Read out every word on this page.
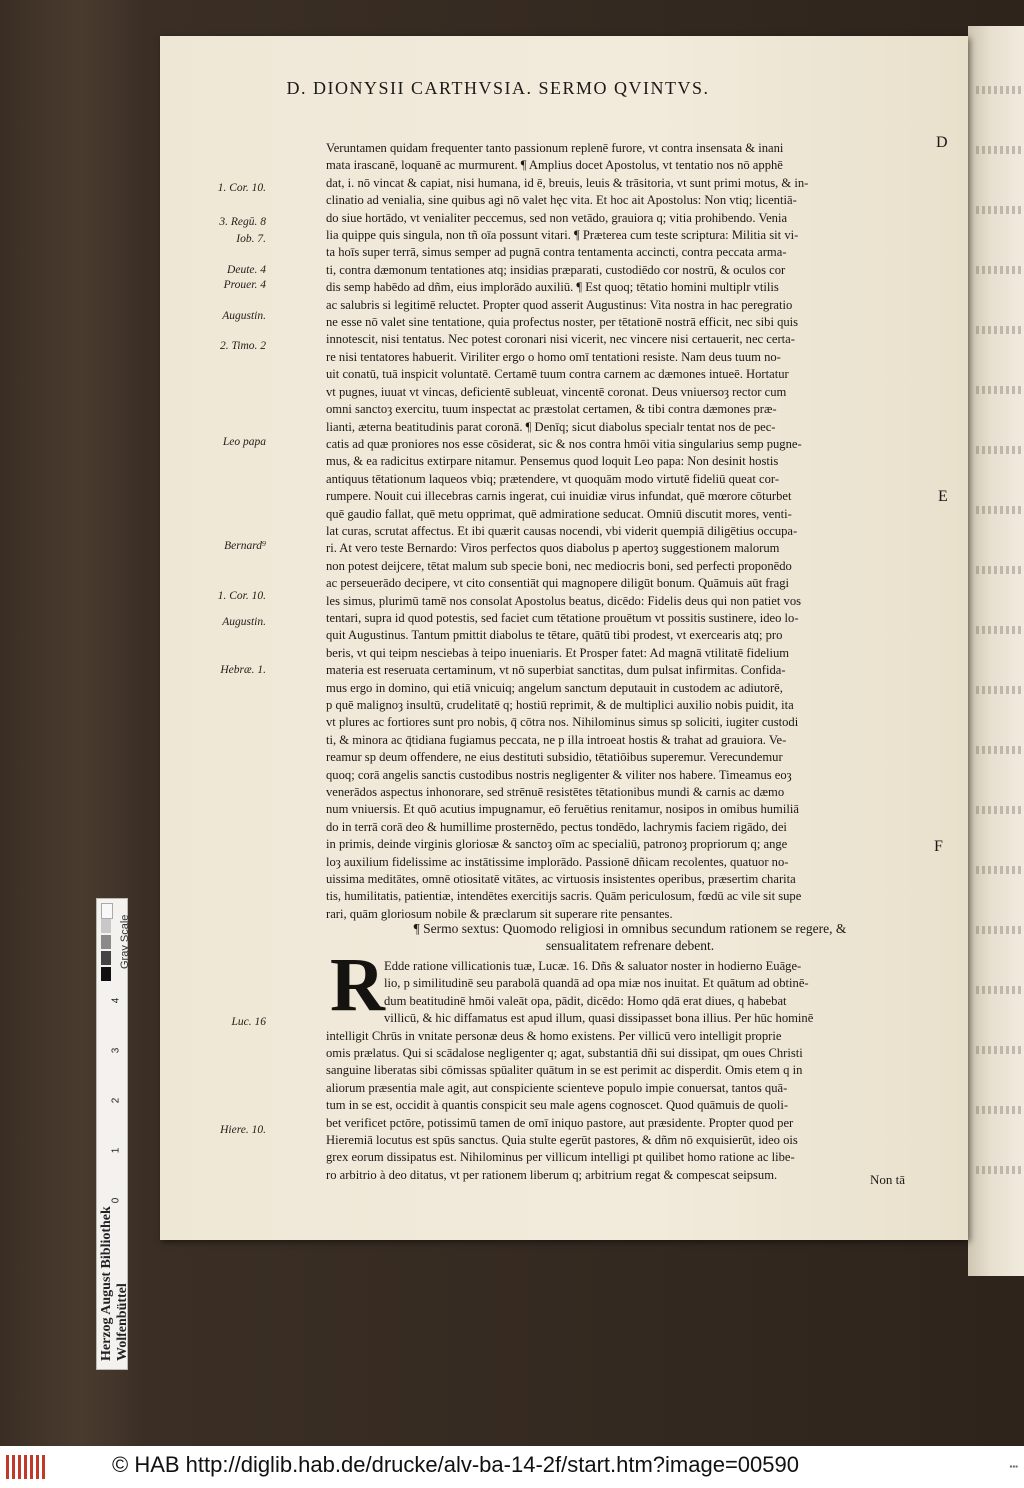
D. DIONYSII CARTHVSIA. SERMO QVINTVS.
D
E
F
1. Cor. 10.
3. Regū. 8
Iob. 7.
Deute. 4
Prouer. 4
Augustin.
2. Timo. 2
Leo papa
Bernard⁹
1. Cor. 10.
Augustin.
Hebræ. 1.
Luc. 16
Hiere. 10.
Veruntamen quidam frequenter tanto passionum replenē furore, vt contra insensata & inani
mata irascanē, loquanē ac murmurent. ¶ Amplius docet Apostolus, vt tentatio nos nō apphē
dat, i. nō vincat & capiat, nisi humana, id ē, breuis, leuis & trāsitoria, vt sunt primi motus, & in-
clinatio ad venialia, sine quibus agi nō valet hęc vita. Et hoc ait Apostolus: Non vtiq; licentiā-
do siue hortādo, vt venialiter peccemus, sed non vetādo, grauiora q; vitia prohibendo. Venia
lia quippe quis singula, non tñ oīa possunt vitari. ¶ Præterea cum teste scriptura: Militia sit vi-
ta hoīs super terrā, simus semper ad pugnā contra tentamenta accincti, contra peccata arma-
ti, contra dæmonum tentationes atq; insidias præparati, custodiēdo cor nostrū, & oculos cor
dis semp habēdo ad dñm, eius implorādo auxiliū. ¶ Est quoq; tētatio homini multiplr vtilis
ac salubris si legitimē reluctet. Propter quod asserit Augustinus: Vita nostra in hac peregratio
ne esse nō valet sine tentatione, quia profectus noster, per tētationē nostrā efficit, nec sibi quis
innotescit, nisi tentatus. Nec potest coronari nisi vicerit, nec vincere nisi certauerit, nec certa-
re nisi tentatores habuerit. Viriliter ergo o homo omī tentationi resiste. Nam deus tuum no-
uit conatū, tuā inspicit voluntatē. Certamē tuum contra carnem ac dæmones intueē. Hortatur
vt pugnes, iuuat vt vincas, deficientē subleuat, vincentē coronat. Deus vniuersoȝ rector cum
omni sanctoȝ exercitu, tuum inspectat ac præstolat certamen, & tibi contra dæmones præ-
lianti, æterna beatitudinis parat coronā. ¶ Denīq; sicut diabolus specialr tentat nos de pec-
catis ad quæ proniores nos esse cōsiderat, sic & nos contra hmōi vitia singularius semp pugne-
mus, & ea radicitus extirpare nitamur. Pensemus quod loquit Leo papa: Non desinit hostis
antiquus tētationum laqueos vbiq; prætendere, vt quoquām modo virtutē fideliū queat cor-
rumpere. Nouit cui illecebras carnis ingerat, cui inuidiæ virus infundat, quē mœrore cōturbet
quē gaudio fallat, quē metu opprimat, quē admiratione seducat. Omniū discutit mores, venti-
lat curas, scrutat affectus. Et ibi quærit causas nocendi, vbi viderit quempiā diligētius occupa-
ri. At vero teste Bernardo: Viros perfectos quos diabolus p apertoȝ suggestionem malorum
non potest deijcere, tētat malum sub specie boni, nec mediocris boni, sed perfecti proponēdo
ac perseuerādo decipere, vt cito consentiāt qui magnopere diligūt bonum. Quāmuis aūt fragi
les simus, plurimū tamē nos consolat Apostolus beatus, dicēdo: Fidelis deus qui non patiet vos
tentari, supra id quod potestis, sed faciet cum tētatione prouētum vt possitis sustinere, ideo lo-
quit Augustinus. Tantum pmittit diabolus te tētare, quātū tibi prodest, vt exercearis atq; pro
beris, vt qui teipm nesciebas à teipo inueniaris. Et Prosper fatet: Ad magnā vtilitatē fidelium
materia est reseruata certaminum, vt nō superbiat sanctitas, dum pulsat infirmitas. Confida-
mus ergo in domino, qui etiā vnicuiq; angelum sanctum deputauit in custodem ac adiutorē,
p quē malignoȝ insultū, crudelitatē q; hostiū reprimit, & de multiplici auxilio nobis puidit, ita
vt plures ac fortiores sunt pro nobis, q̄ cōtra nos. Nihilominus simus sp soliciti, iugiter custodi
ti, & minora ac q̄tidiana fugiamus peccata, ne p illa introeat hostis & trahat ad grauiora. Ve-
reamur sp deum offendere, ne eius destituti subsidio, tētatiōibus superemur. Verecundemur
quoq; corā angelis sanctis custodibus nostris negligenter & viliter nos habere. Timeamus eoȝ
venerādos aspectus inhonorare, sed strēnuē resistētes tētationibus mundi & carnis ac dæmo
num vniuersis. Et quō acutius impugnamur, eō feruētius renitamur, nosipos in omibus humiliā
do in terrā corā deo & humillime prosternēdo, pectus tondēdo, lachrymis faciem rigādo, dei
in primis, deinde virginis gloriosæ & sanctoȝ oīm ac specialiū, patronoȝ propriorum q; ange
loȝ auxilium fidelissime ac instātissime implorādo. Passionē dñicam recolentes, quatuor no-
uissima meditātes, omnē otiositatē vitātes, ac virtuosis insistentes operibus, præsertim charita
tis, humilitatis, patientiæ, intendētes exercitijs sacris. Quām periculosum, fœdū ac vile sit supe
rari, quām gloriosum nobile & præclarum sit superare rite pensantes.
¶ Sermo sextus: Quomodo religiosi in omnibus secundum rationem se regere, &
sensualitatem refrenare debent.
R Edde ratione villicationis tuæ, Lucæ. 16. Dñs & saluator noster in hodierno Euāge-
lio, p similitudinē seu parabolā quandā ad opa miæ nos inuitat. Et quātum ad obtinē-
dum beatitudinē hmōi valeāt opa, pādit, dicēdo: Homo qdā erat diues, q habebat
villicū, & hic diffamatus est apud illum, quasi dissipasset bona illius. Per hūc hominē
intelligit Chrūs in vnitate personæ deus & homo existens. Per villicū vero intelligit proprie
omis prælatus. Qui si scādalose negligenter q; agat, substantiā dñi sui dissipat, qm oues Christi
sanguine liberatas sibi cōmissas spūaliter quātum in se est perimit ac disperdit. Omis etem q in
aliorum præsentia male agit, aut conspiciente scienteve populo impie conuersat, tantos quā-
tum in se est, occidit à quantis conspicit seu male agens cognoscet. Quod quāmuis de quoli-
bet verificet pctōre, potissimū tamen de omī iniquo pastore, aut præsidente. Propter quod per
Hieremiā locutus est spūs sanctus. Quia stulte egerūt pastores, & dñm nō exquisierūt, ideo ois
grex eorum dissipatus est. Nihilominus per villicum intelligi pt quilibet homo ratione ac libe-
ro arbitrio à deo ditatus, vt per rationem liberum q; arbitrium regat & compescat seipsum.	Non tā
Gray Scale
4
3
2
1
0
Herzog August Bibliothek Wolfenbüttel
© HAB http://diglib.hab.de/drucke/alv-ba-14-2f/start.htm?image=00590	▪▪▪
